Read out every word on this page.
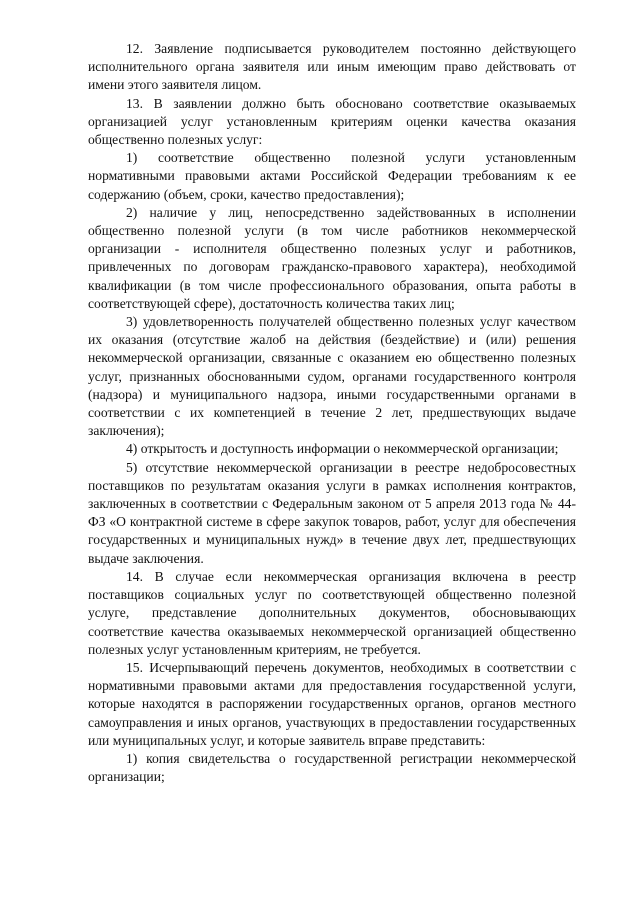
12. Заявление подписывается руководителем постоянно действующего исполнительного органа заявителя или иным имеющим право действовать от имени этого заявителя лицом.

13. В заявлении должно быть обосновано соответствие оказываемых организацией услуг установленным критериям оценки качества оказания общественно полезных услуг:

1) соответствие общественно полезной услуги установленным нормативными правовыми актами Российской Федерации требованиям к ее содержанию (объем, сроки, качество предоставления);

2) наличие у лиц, непосредственно задействованных в исполнении общественно полезной услуги (в том числе работников некоммерческой организации - исполнителя общественно полезных услуг и работников, привлеченных по договорам гражданско-правового характера), необходимой квалификации (в том числе профессионального образования, опыта работы в соответствующей сфере), достаточность количества таких лиц;

3) удовлетворенность получателей общественно полезных услуг качеством их оказания (отсутствие жалоб на действия (бездействие) и (или) решения некоммерческой организации, связанные с оказанием ею общественно полезных услуг, признанных обоснованными судом, органами государственного контроля (надзора) и муниципального надзора, иными государственными органами в соответствии с их компетенцией в течение 2 лет, предшествующих выдаче заключения);

4) открытость и доступность информации о некоммерческой организации;

5) отсутствие некоммерческой организации в реестре недобросовестных поставщиков по результатам оказания услуги в рамках исполнения контрактов, заключенных в соответствии с Федеральным законом от 5 апреля 2013 года № 44-ФЗ «О контрактной системе в сфере закупок товаров, работ, услуг для обеспечения государственных и муниципальных нужд» в течение двух лет, предшествующих выдаче заключения.

14. В случае если некоммерческая организация включена в реестр поставщиков социальных услуг по соответствующей общественно полезной услуге, представление дополнительных документов, обосновывающих соответствие качества оказываемых некоммерческой организацией общественно полезных услуг установленным критериям, не требуется.

15. Исчерпывающий перечень документов, необходимых в соответствии с нормативными правовыми актами для предоставления государственной услуги, которые находятся в распоряжении государственных органов, органов местного самоуправления и иных органов, участвующих в предоставлении государственных или муниципальных услуг, и которые заявитель вправе представить:

1) копия свидетельства о государственной регистрации некоммерческой организации;
